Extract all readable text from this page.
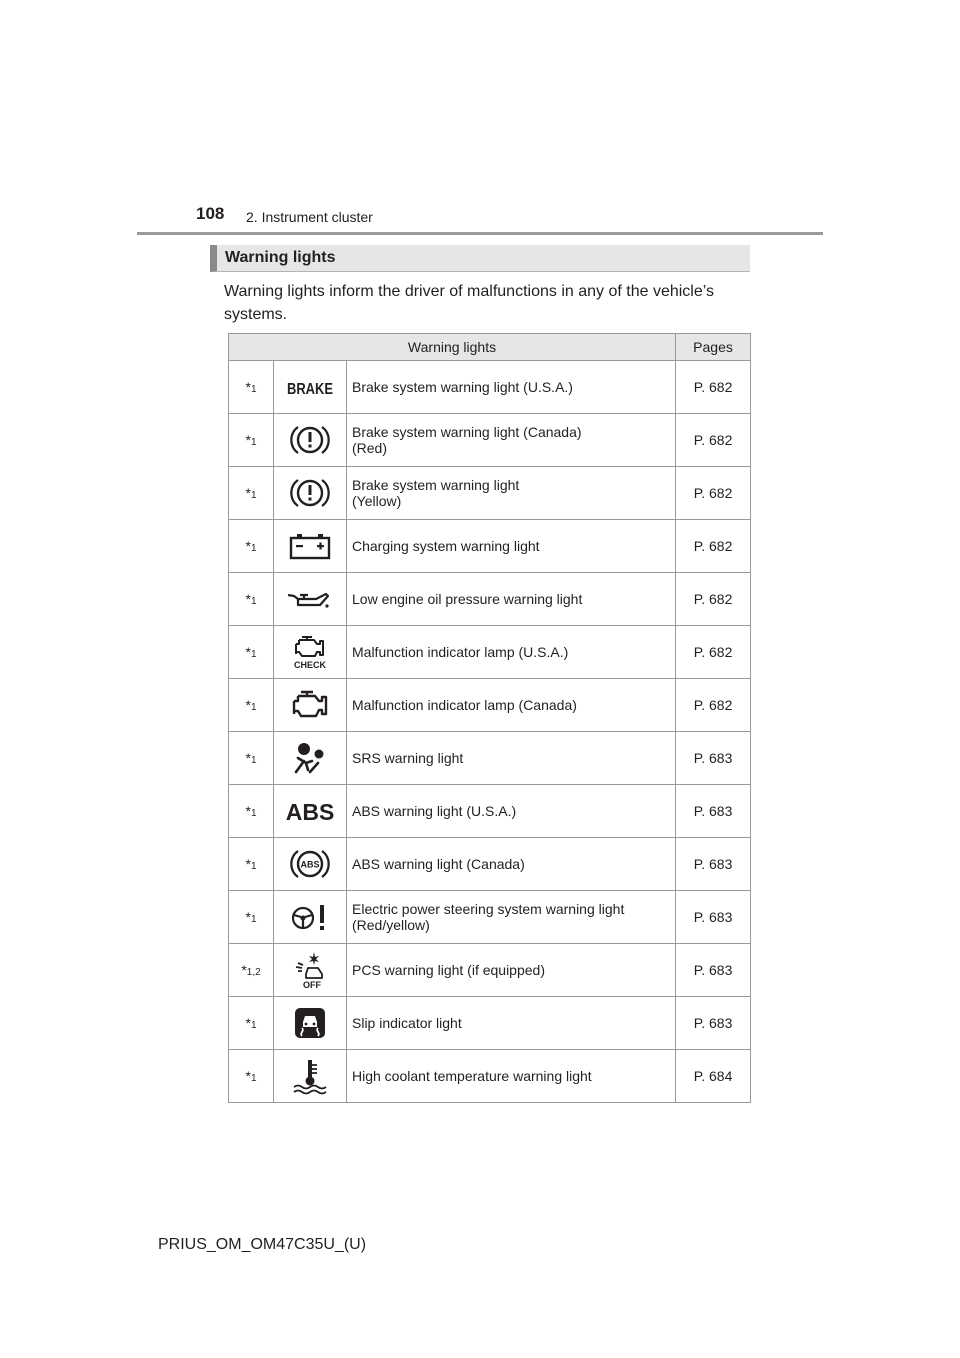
108 2. Instrument cluster
Warning lights
Warning lights inform the driver of malfunctions in any of the vehicle’s systems.
Warning lights			Pages
*1	BRAKE	Brake system warning light (U.S.A.)	P. 682
*1		Brake system warning light (Canada)
(Red)	P. 682
*1		Brake system warning light
(Yellow)	P. 682
*1		Charging system warning light	P. 682
*1		Low engine oil pressure warning light	P. 682
*1	CHECK	Malfunction indicator lamp (U.S.A.)	P. 682
*1		Malfunction indicator lamp (Canada)	P. 682
*1		SRS warning light	P. 683
*1	ABS	ABS warning light (U.S.A.)	P. 683
*1	ABS	ABS warning light (Canada)	P. 683
*1		Electric power steering system warning light
(Red/yellow)	P. 683
*1,2	OFF	PCS warning light (if equipped)	P. 683
*1		Slip indicator light	P. 683
*1		High coolant temperature warning light	P. 684
PRIUS_OM_OM47C35U_(U)
